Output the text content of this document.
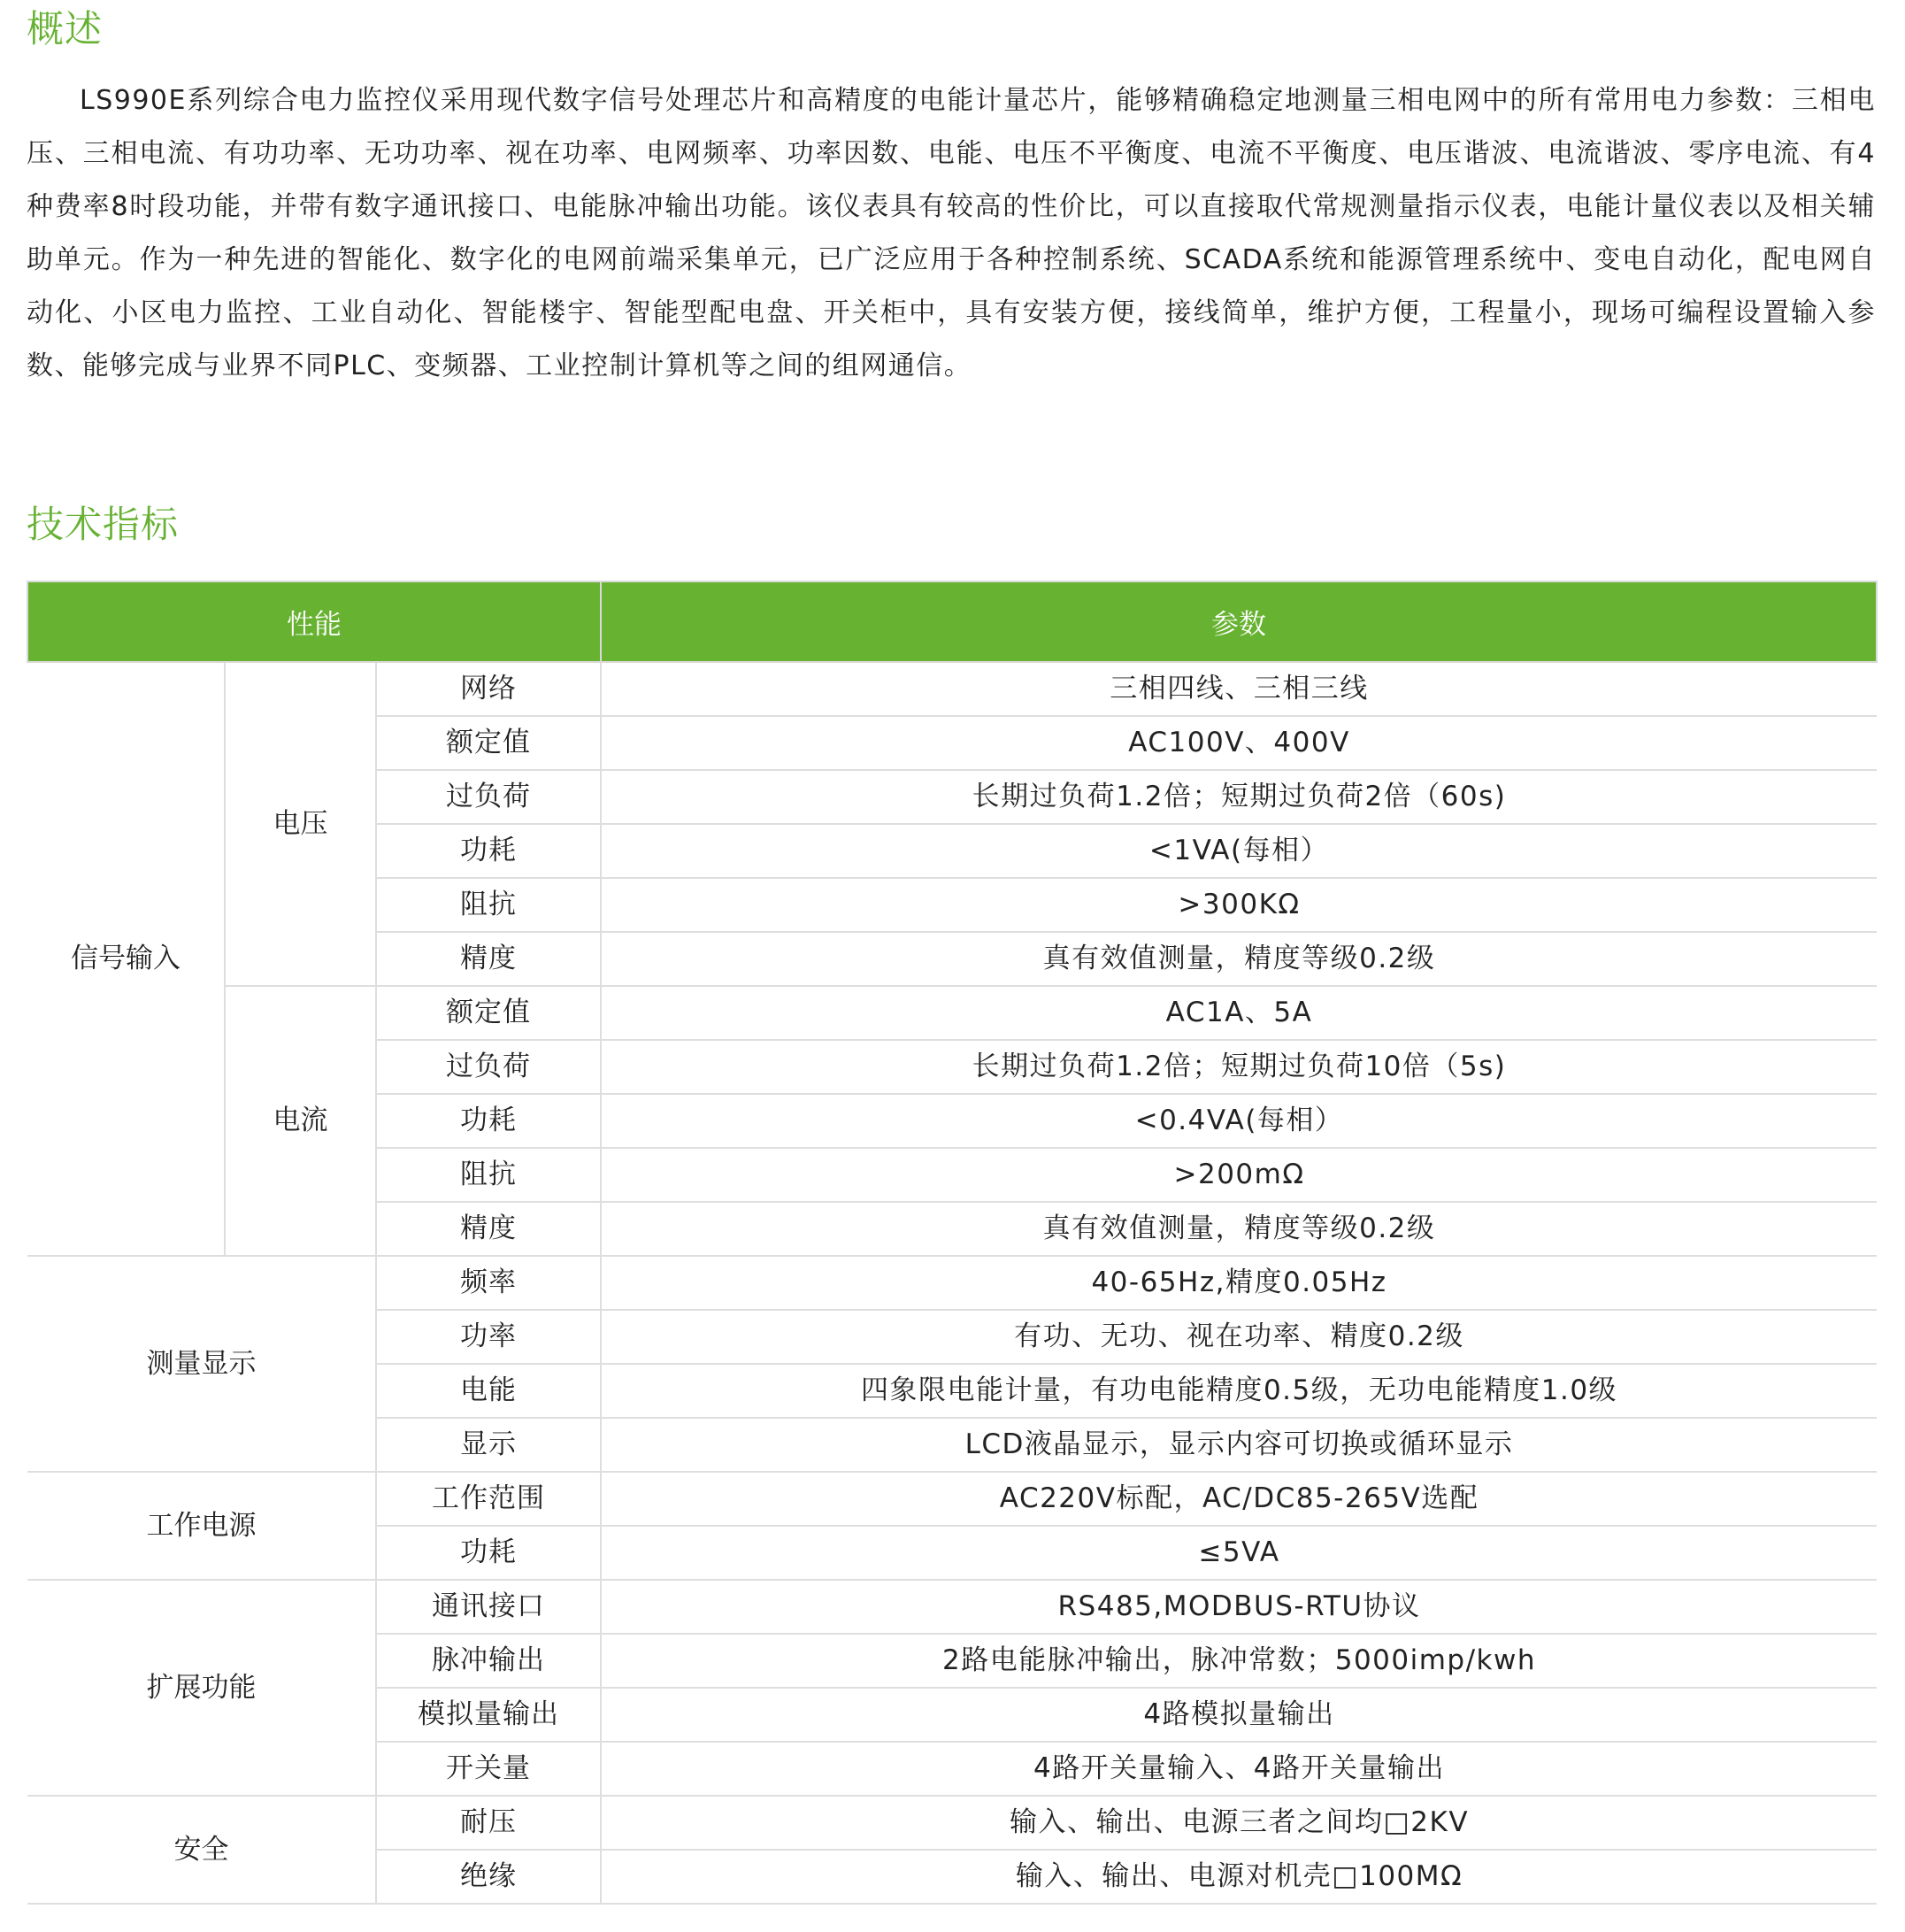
概述

LS990E系列综合电力监控仪采用现代数字信号处理芯片和高精度的电能计量芯片，能够精确稳定地测量三相电网中的所有常用电力参数：三相电压、三相电流、有功功率、无功功率、视在功率、电网频率、功率因数、电能、电压不平衡度、电流不平衡度、电压谐波、电流谐波、零序电流、有4种费率8时段功能，并带有数字通讯接口、电能脉冲输出功能。该仪表具有较高的性价比，可以直接取代常规测量指示仪表，电能计量仪表以及相关辅助单元。作为一种先进的智能化、数字化的电网前端采集单元，已广泛应用于各种控制系统、SCADA系统和能源管理系统中、变电自动化，配电网自动化、小区电力监控、工业自动化、智能楼宇、智能型配电盘、开关柜中，具有安装方便，接线简单，维护方便，工程量小，现场可编程设置输入参数、能够完成与业界不同PLC、变频器、工业控制计算机等之间的组网通信。

技术指标
性能			参数
信号输入	电压	网络	三相四线、三相三线
		额定值	AC100V、400V
		过负荷	长期过负荷1.2倍；短期过负荷2倍（60s)
		功耗	<1VA(每相）
		阻抗	>300KΩ
		精度	真有效值测量，精度等级0.2级
	电流	额定值	AC1A、5A
		过负荷	长期过负荷1.2倍；短期过负荷10倍（5s)
		功耗	<0.4VA(每相）
		阻抗	>200mΩ
		精度	真有效值测量，精度等级0.2级
测量显示		频率	40-65Hz,精度0.05Hz
		功率	有功、无功、视在功率、精度0.2级
		电能	四象限电能计量，有功电能精度0.5级，无功电能精度1.0级
		显示	LCD液晶显示，显示内容可切换或循环显示
工作电源		工作范围	AC220V标配，AC/DC85-265V选配
		功耗	≤5VA
扩展功能		通讯接口	RS485,MODBUS-RTU协议
		脉冲输出	2路电能脉冲输出，脉冲常数；5000imp/kwh
		模拟量输出	4路模拟量输出
		开关量	4路开关量输入、4路开关量输出
安全		耐压	输入、输出、电源三者之间均□2KV
		绝缘	输入、输出、电源对机壳□100MΩ
